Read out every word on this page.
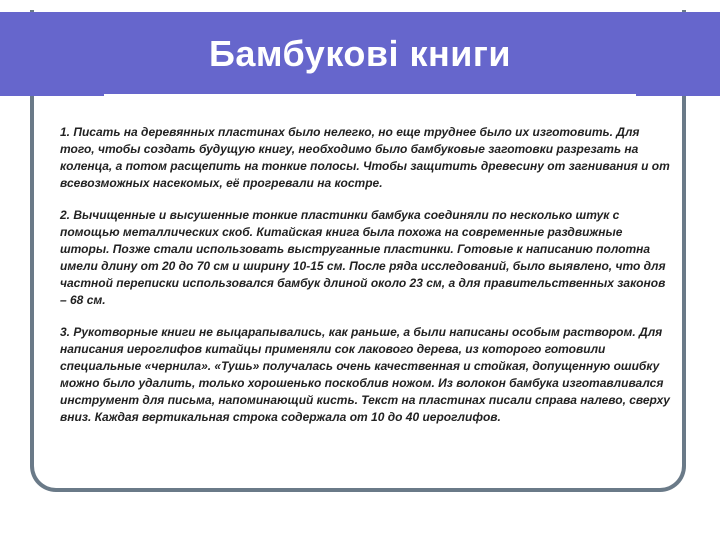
Бамбукові книги

1. Писать на деревянных пластинах было нелегко, но еще труднее было их изготовить. Для того, чтобы создать будущую книгу, необходимо было бамбуковые заготовки разрезать на коленца, а потом расщепить на тонкие полосы. Чтобы защитить древесину от загнивания и от всевозможных насекомых, её прогревали на костре.

2. Вычищенные и высушенные тонкие пластинки бамбука соединяли по несколько штук с помощью металлических скоб. Китайская книга была похожа на современные раздвижные шторы. Позже стали использовать выструганные пластинки. Готовые к написанию полотна имели длину от 20 до 70 см и ширину 10-15 см. После ряда исследований, было выявлено, что для частной переписки использовался бамбук длиной около 23 см, а для правительственных законов – 68 см.

3. Рукотворные книги не выцарапывались, как раньше, а были написаны особым раствором. Для написания иероглифов китайцы применяли сок лакового дерева, из которого готовили специальные «чернила». «Тушь» получалась очень качественная и стойкая, допущенную ошибку можно было удалить, только хорошенько поскоблив ножом. Из волокон бамбука изготавливался инструмент для письма, напоминающий кисть. Текст на пластинах писали справа налево, сверху вниз. Каждая вертикальная строка содержала от 10 до 40 иероглифов.
